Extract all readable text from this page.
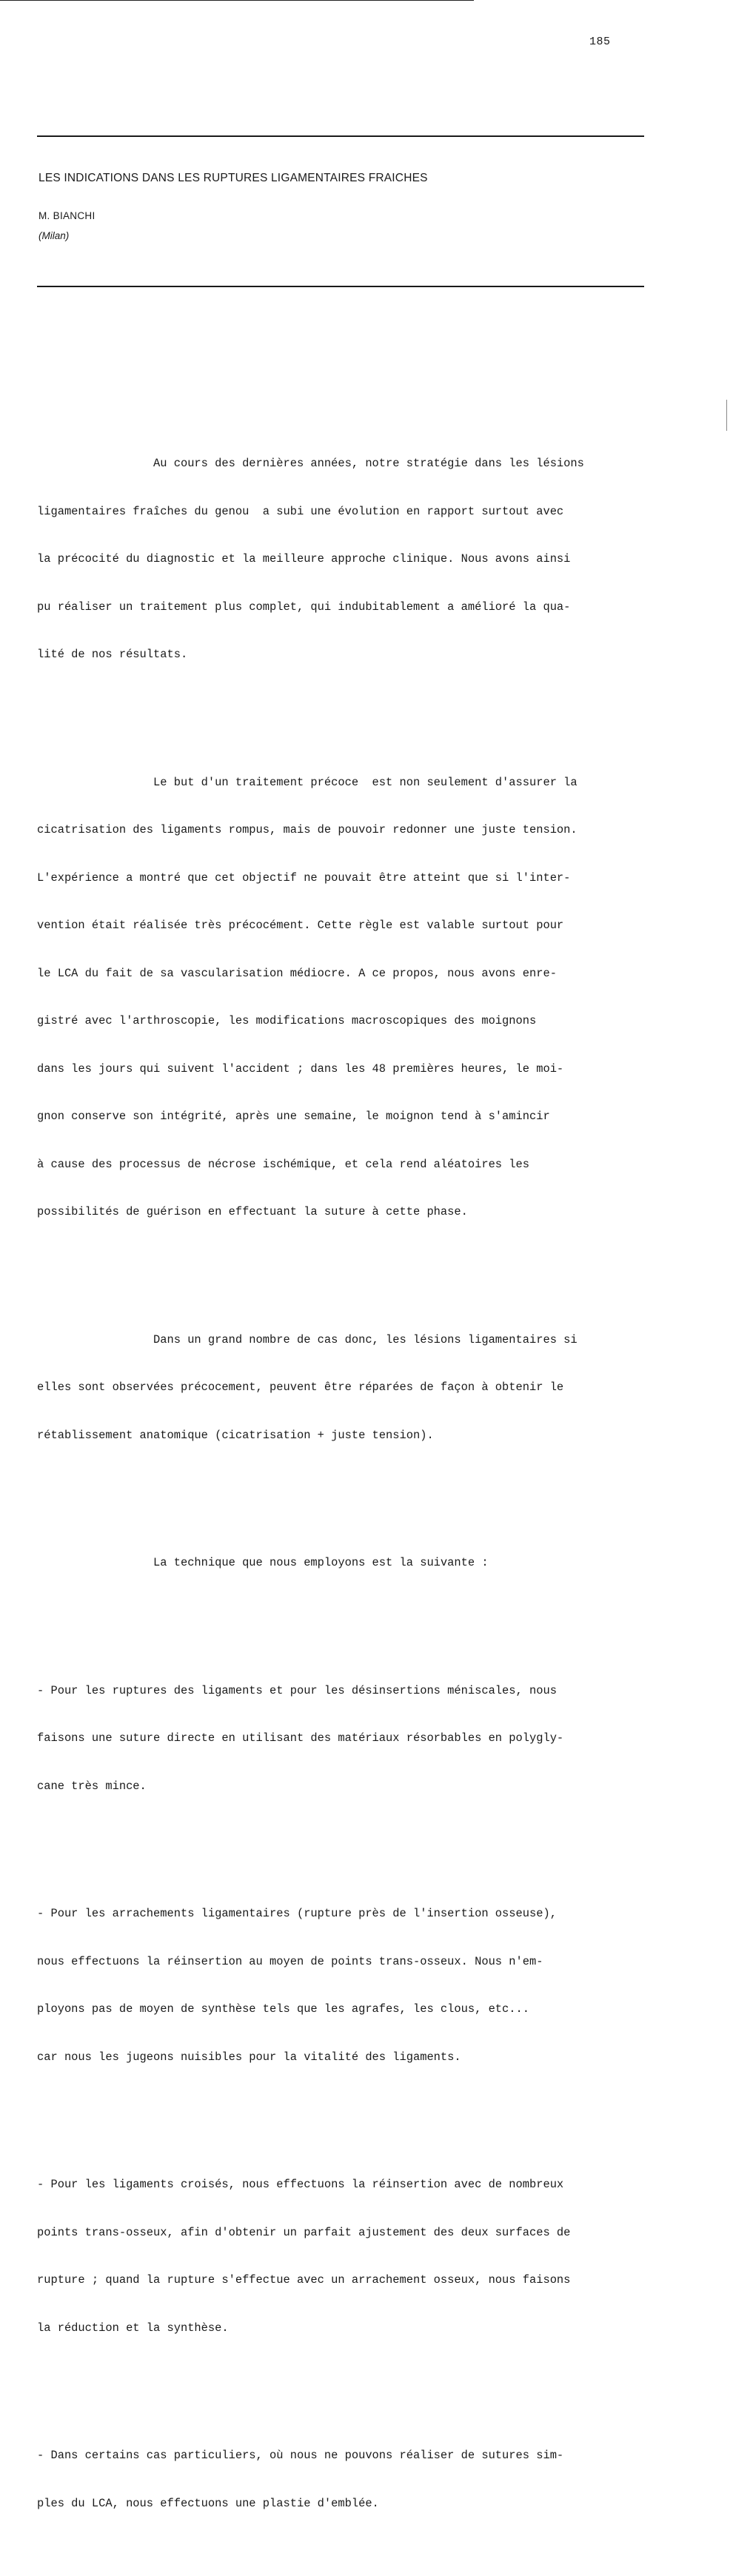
185
LES INDICATIONS DANS LES RUPTURES LIGAMENTAIRES FRAICHES
M. BIANCHI
(Milan)

Au cours des dernières années, notre stratégie dans les lésions

ligamentaires fraîches du genou  a subi une évolution en rapport surtout avec

la précocité du diagnostic et la meilleure approche clinique. Nous avons ainsi

pu réaliser un traitement plus complet, qui indubitablement a amélioré la qua-

lité de nos résultats.

Le but d'un traitement précoce  est non seulement d'assurer la

cicatrisation des ligaments rompus, mais de pouvoir redonner une juste tension.

L'expérience a montré que cet objectif ne pouvait être atteint que si l'inter-

vention était réalisée très précocément. Cette règle est valable surtout pour

le LCA du fait de sa vascularisation médiocre. A ce propos, nous avons enre-

gistré avec l'arthroscopie, les modifications macroscopiques des moignons

dans les jours qui suivent l'accident ; dans les 48 premières heures, le moi-

gnon conserve son intégrité, après une semaine, le moignon tend à s'amincir

à cause des processus de nécrose ischémique, et cela rend aléatoires les

possibilités de guérison en effectuant la suture à cette phase.

Dans un grand nombre de cas donc, les lésions ligamentaires si

elles sont observées précocement, peuvent être réparées de façon à obtenir le

rétablissement anatomique (cicatrisation + juste tension).

La technique que nous employons est la suivante :

- Pour les ruptures des ligaments et pour les désinsertions méniscales, nous

faisons une suture directe en utilisant des matériaux résorbables en polygly-

cane très mince.

- Pour les arrachements ligamentaires (rupture près de l'insertion osseuse),

nous effectuons la réinsertion au moyen de points trans-osseux. Nous n'em-

ployons pas de moyen de synthèse tels que les agrafes, les clous, etc...

car nous les jugeons nuisibles pour la vitalité des ligaments.

- Pour les ligaments croisés, nous effectuons la réinsertion avec de nombreux

points trans-osseux, afin d'obtenir un parfait ajustement des deux surfaces de

rupture ; quand la rupture s'effectue avec un arrachement osseux, nous faisons

la réduction et la synthèse.

- Dans certains cas particuliers, où nous ne pouvons réaliser de sutures sim-

ples du LCA, nous effectuons une plastie d'emblée.
